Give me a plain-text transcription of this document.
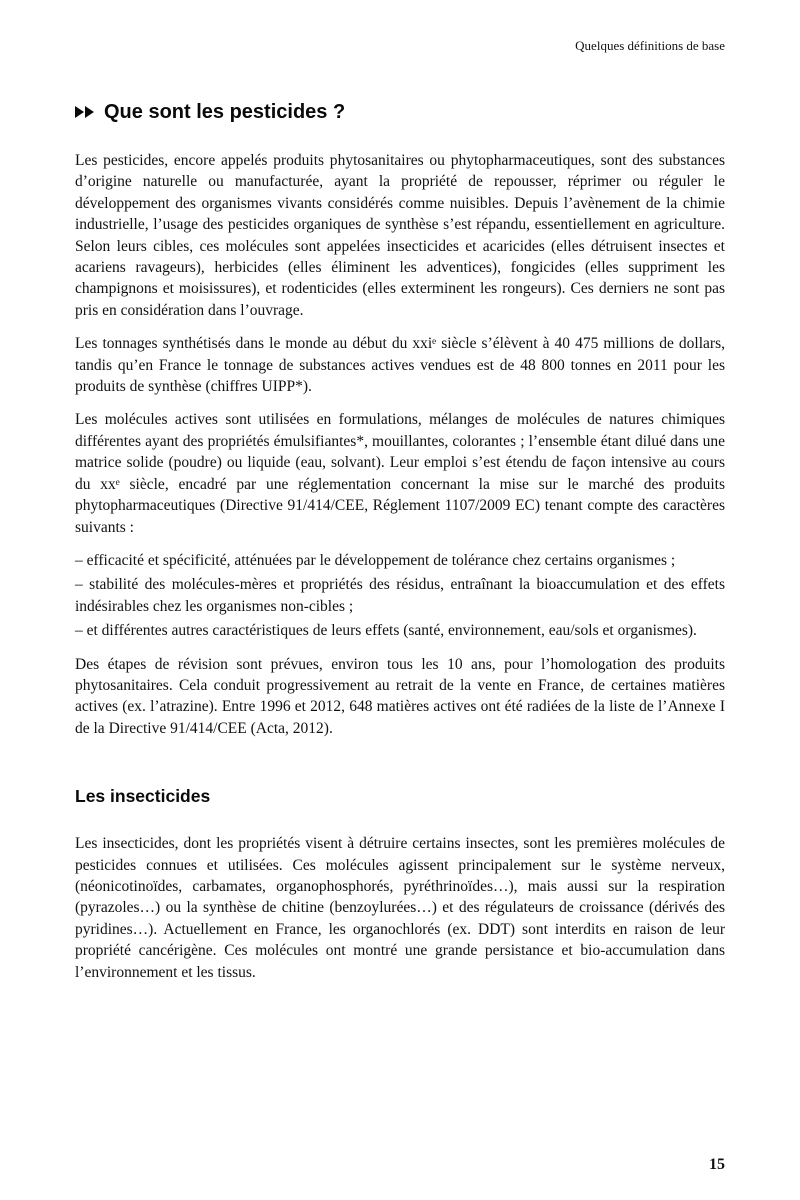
Quelques définitions de base
Que sont les pesticides ?

Les pesticides, encore appelés produits phytosanitaires ou phytopharmaceutiques, sont des substances d’origine naturelle ou manufacturée, ayant la propriété de repousser, réprimer ou réguler le développement des organismes vivants considérés comme nuisibles. Depuis l’avènement de la chimie industrielle, l’usage des pesticides organiques de synthèse s’est répandu, essentiellement en agriculture. Selon leurs cibles, ces molécules sont appelées insecticides et acaricides (elles détruisent insectes et acariens ravageurs), herbicides (elles éliminent les adventices), fongicides (elles suppriment les champignons et moisissures), et rodenticides (elles exterminent les rongeurs). Ces derniers ne sont pas pris en considération dans l’ouvrage.

Les tonnages synthétisés dans le monde au début du xxiᵉ siècle s’élèvent à 40 475 millions de dollars, tandis qu’en France le tonnage de substances actives vendues est de 48 800 tonnes en 2011 pour les produits de synthèse (chiffres UIPP*).

Les molécules actives sont utilisées en formulations, mélanges de molécules de natures chimiques différentes ayant des propriétés émulsifiantes*, mouillantes, colorantes ; l’ensemble étant dilué dans une matrice solide (poudre) ou liquide (eau, solvant). Leur emploi s’est étendu de façon intensive au cours du xxᵉ siècle, encadré par une réglementation concernant la mise sur le marché des produits phytopharmaceutiques (Directive 91/414/CEE, Réglement 1107/2009 EC) tenant compte des caractères suivants :

– efficacité et spécificité, atténuées par le développement de tolérance chez certains organismes ;

– stabilité des molécules-mères et propriétés des résidus, entraînant la bioaccumulation et des effets indésirables chez les organismes non-cibles ;

– et différentes autres caractéristiques de leurs effets (santé, environnement, eau/sols et organismes).

Des étapes de révision sont prévues, environ tous les 10 ans, pour l’homologation des produits phytosanitaires. Cela conduit progressivement au retrait de la vente en France, de certaines matières actives (ex. l’atrazine). Entre 1996 et 2012, 648 matières actives ont été radiées de la liste de l’Annexe I de la Directive 91/414/CEE (Acta, 2012).

Les insecticides

Les insecticides, dont les propriétés visent à détruire certains insectes, sont les premières molécules de pesticides connues et utilisées. Ces molécules agissent principalement sur le système nerveux, (néonicotinoïdes, carbamates, organophosphorés, pyréthrinoïdes…), mais aussi sur la respiration (pyrazoles…) ou la synthèse de chitine (benzoylurées…) et des régulateurs de croissance (dérivés des pyridines…). Actuellement en France, les organochlorés (ex. DDT) sont interdits en raison de leur propriété cancérigène. Ces molécules ont montré une grande persistance et bio-accumulation dans l’environnement et les tissus.

15
